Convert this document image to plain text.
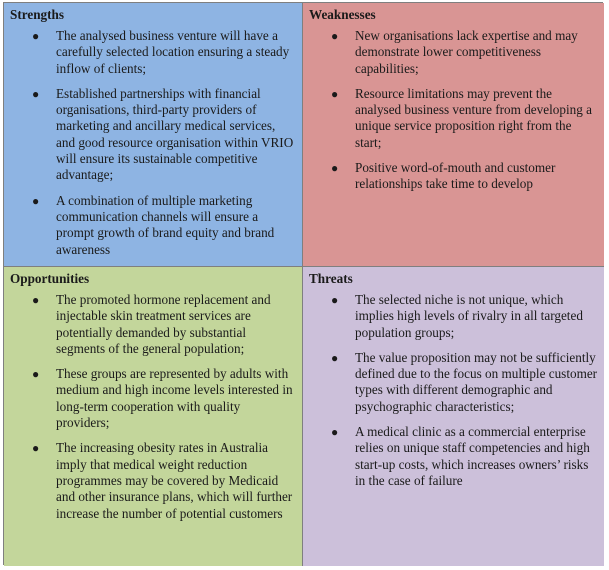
Strengths
● The analysed business venture will have a carefully selected location ensuring a steady inflow of clients;
● Established partnerships with financial organisations, third-party providers of marketing and ancillary medical services, and good resource organisation within VRIO will ensure its sustainable competitive advantage;
● A combination of multiple marketing communication channels will ensure a prompt growth of brand equity and brand awareness
Weaknesses
● New organisations lack expertise and may demonstrate lower competitiveness capabilities;
● Resource limitations may prevent the analysed business venture from developing a unique service proposition right from the start;
● Positive word-of-mouth and customer relationships take time to develop
Opportunities
● The promoted hormone replacement and injectable skin treatment services are potentially demanded by substantial segments of the general population;
● These groups are represented by adults with medium and high income levels interested in long-term cooperation with quality providers;
● The increasing obesity rates in Australia imply that medical weight reduction programmes may be covered by Medicaid and other insurance plans, which will further increase the number of potential customers
Threats
● The selected niche is not unique, which implies high levels of rivalry in all targeted population groups;
● The value proposition may not be sufficiently defined due to the focus on multiple customer types with different demographic and psychographic characteristics;
● A medical clinic as a commercial enterprise relies on unique staff competencies and high start-up costs, which increases owners’ risks in the case of failure
